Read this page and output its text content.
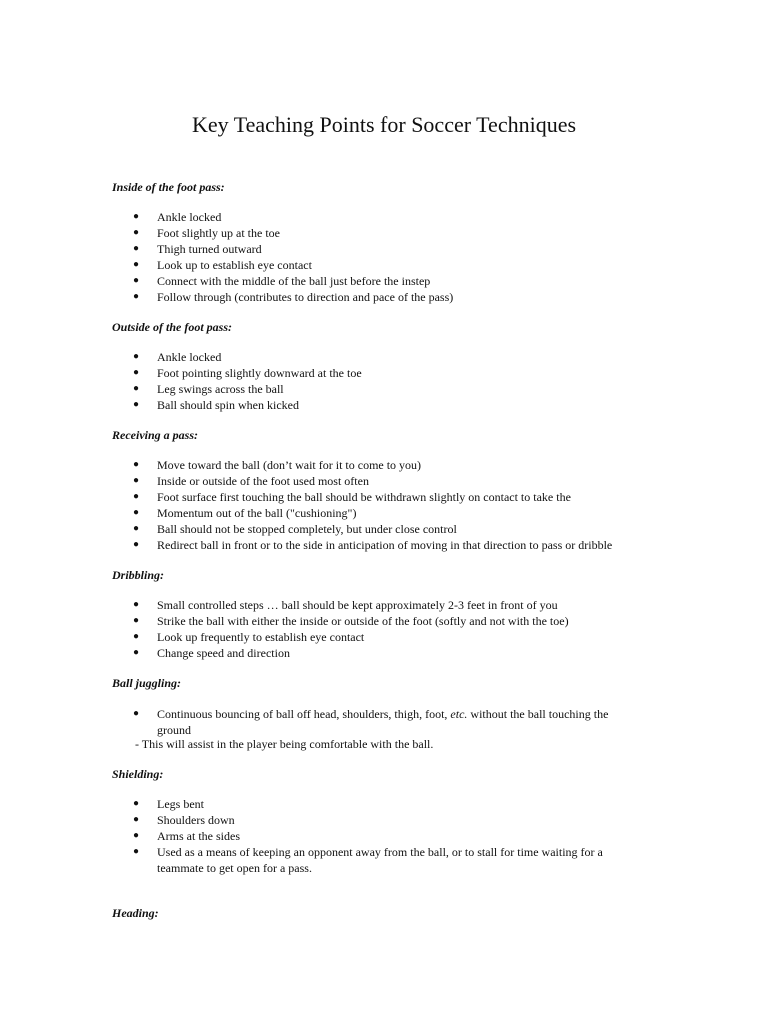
Key Teaching Points for Soccer Techniques
Inside of the foot pass:
●	Ankle locked
●	Foot slightly up at the toe
●	Thigh turned outward
●	Look up to establish eye contact
●	Connect with the middle of the ball just before the instep
●	Follow through (contributes to direction and pace of the pass)
Outside of the foot pass:
●	Ankle locked
●	Foot pointing slightly downward at the toe
●	Leg swings across the ball
●	Ball should spin when kicked
Receiving a pass:
●	Move toward the ball (don’t wait for it to come to you)
●	Inside or outside of the foot used most often
●	Foot surface first touching the ball should be withdrawn slightly on contact to take the
●	Momentum out of the ball ("cushioning")
●	Ball should not be stopped completely, but under close control
●	Redirect ball in front or to the side in anticipation of moving in that direction to pass or dribble
Dribbling:
●	Small controlled steps … ball should be kept approximately 2-3 feet in front of you
●	Strike the ball with either the inside or outside of the foot (softly and not with the toe)
●	Look up frequently to establish eye contact
●	Change speed and direction
Ball juggling:
●	Continuous bouncing of ball off head, shoulders, thigh, foot, etc. without the ball touching the
ground
- This will assist in the player being comfortable with the ball.
Shielding:
●	Legs bent
●	Shoulders down
●	Arms at the sides
●	Used as a means of keeping an opponent away from the ball, or to stall for time waiting for a
teammate to get open for a pass.
Heading:
